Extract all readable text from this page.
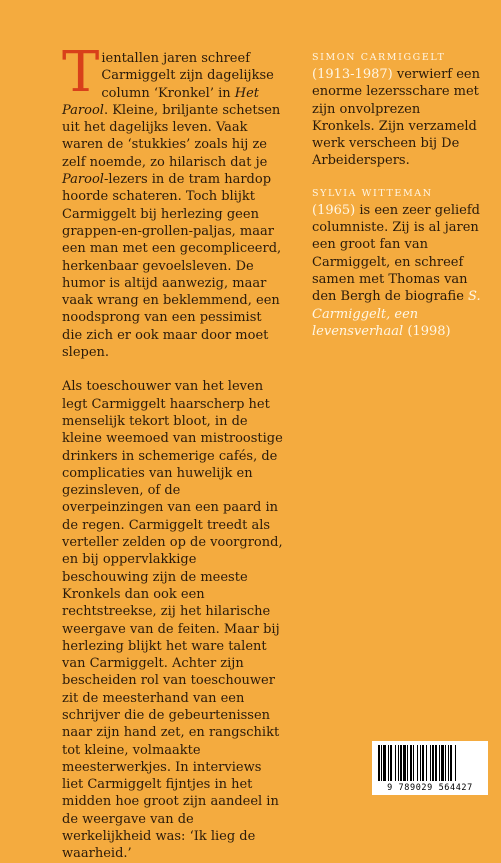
Tientallen jaren schreef Carmiggelt zijn dagelijkse column ‘Kronkel’ in Het Parool. Kleine, briljante schetsen uit het dagelijks leven. Vaak waren de ‘stukkies’ zoals hij ze zelf noemde, zo hilarisch dat je Parool-lezers in de tram hardop hoorde schateren. Toch blijkt Carmiggelt bij herlezing geen grappen-en-grollen-paljas, maar een man met een gecompliceerd, herkenbaar gevoelsleven. De humor is altijd aanwezig, maar vaak wrang en beklemmend, een noodsprong van een pessimist die zich er ook maar door moet slepen.

Als toeschouwer van het leven legt Carmiggelt haarscherp het menselijk tekort bloot, in de kleine weemoed van mistroostige drinkers in schemerige cafés, de complicaties van huwelijk en gezinsleven, of de overpeinzingen van een paard in de regen. Carmiggelt treedt als verteller zelden op de voorgrond, en bij oppervlakkige beschouwing zijn de meeste Kronkels dan ook een rechtstreekse, zij het hilarische weergave van de feiten. Maar bij herlezing blijkt het ware talent van Carmiggelt. Achter zijn bescheiden rol van toeschouwer zit de meesterhand van een schrijver die de gebeurtenissen naar zijn hand zet, en rangschikt tot kleine, volmaakte meesterwerkjes. In interviews liet Carmiggelt fijntjes in het midden hoe groot zijn aandeel in de weergave van de werkelijkheid was: ‘Ik lieg de waarheid.’

SIMON CARMIGGELT
(1913-1987) verwierf een enorme lezersschare met zijn onvolprezen Kronkels. Zijn verzameld werk verscheen bij De Arbeiderspers.

SYLVIA WITTEMAN
(1965) is een zeer geliefd columniste. Zij is al jaren een groot fan van Carmiggelt, en schreef samen met Thomas van den Bergh de biografie S. Carmiggelt, een levensverhaal (1998)

9 789029 564427
